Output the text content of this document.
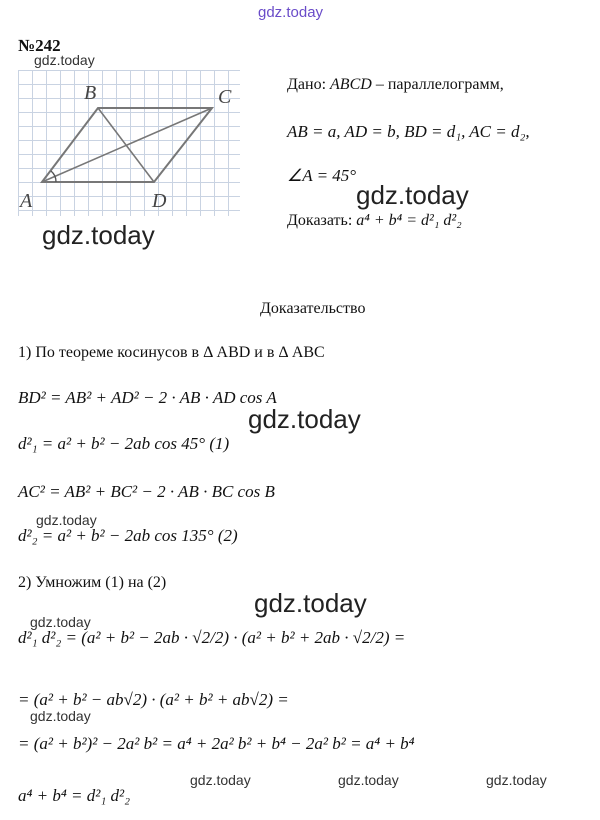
gdz.today
№242
gdz.today
A
B	C
D
gdz.today
Дано: ABCD – параллелограмм,
AB = a, AD = b, BD = d₁, AC = d₂,
∠A = 45°
gdz.today
Доказать: a⁴ + b⁴ = d²₁ d²₂
Доказательство
1) По теореме косинусов в Δ ABD и в Δ ABC
BD² = AB² + AD² − 2 · AB · AD cos A
gdz.today
d²₁ = a² + b² − 2ab cos 45° (1)
AC² = AB² + BC² − 2 · AB · BC cos B
gdz.today
d²₂ = a² + b² − 2ab cos 135° (2)
2) Умножим (1) на (2)
gdz.today
gdz.today
d²₁ d²₂ = (a² + b² − 2ab · √2/2) · (a² + b² + 2ab · √2/2) =
= (a² + b² − ab√2) · (a² + b² + ab√2) =
gdz.today
= (a² + b²)² − 2a² b² = a⁴ + 2a² b² + b⁴ − 2a² b² = a⁴ + b⁴
gdz.today	gdz.today	gdz.today
a⁴ + b⁴ = d²₁ d²₂
